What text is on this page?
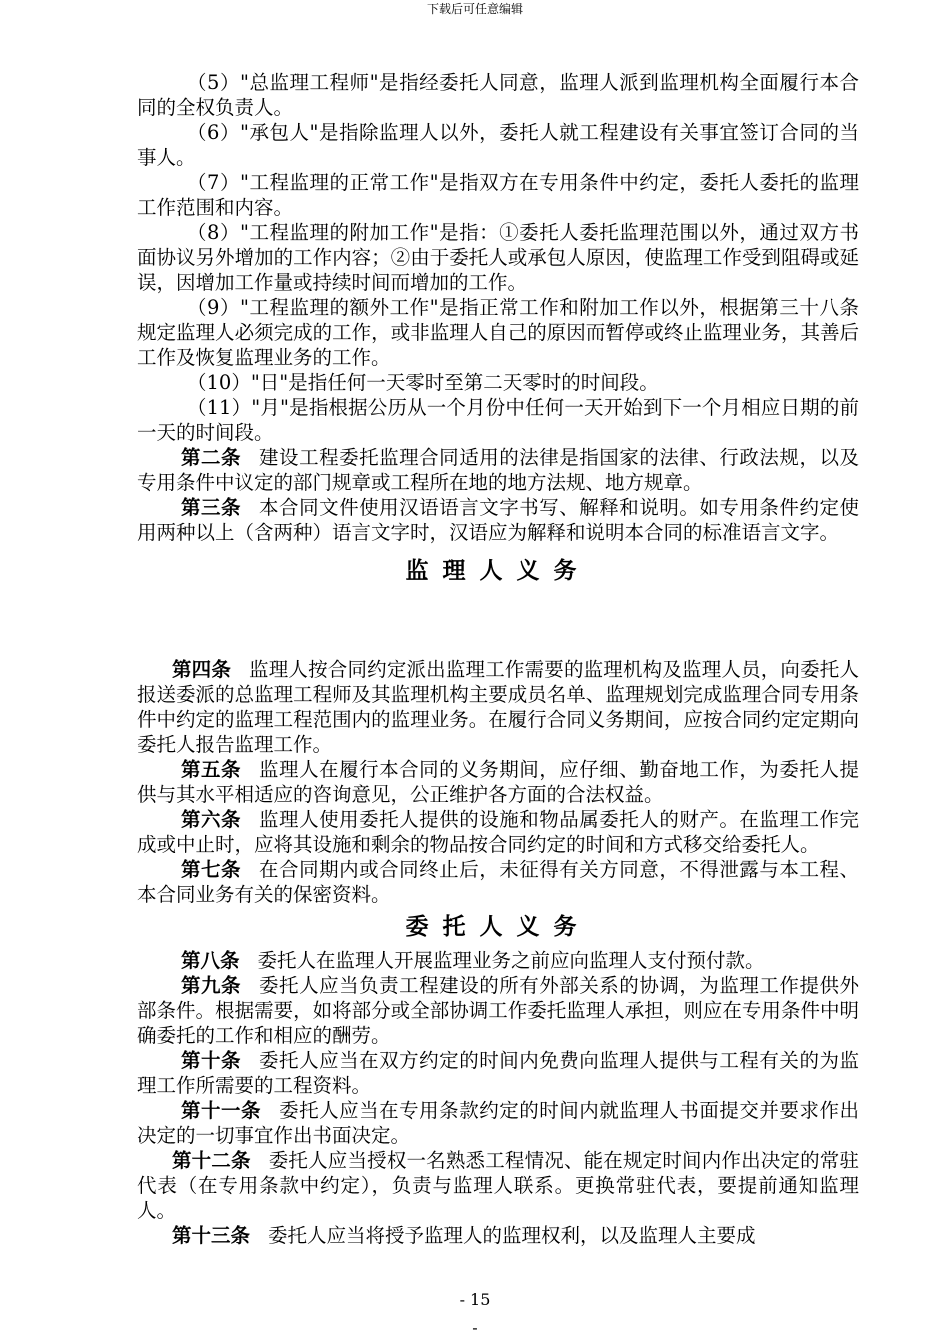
下载后可任意编辑

（5）"总监理工程师"是指经委托人同意，监理人派到监理机构全面履行本合同的全权负责人。

（6）"承包人"是指除监理人以外，委托人就工程建设有关事宜签订合同的当事人。

（7）"工程监理的正常工作"是指双方在专用条件中约定，委托人委托的监理工作范围和内容。

（8）"工程监理的附加工作"是指：①委托人委托监理范围以外，通过双方书面协议另外增加的工作内容；②由于委托人或承包人原因，使监理工作受到阻碍或延误，因增加工作量或持续时间而增加的工作。

（9）"工程监理的额外工作"是指正常工作和附加工作以外，根据第三十八条规定监理人必须完成的工作，或非监理人自己的原因而暂停或终止监理业务，其善后工作及恢复监理业务的工作。

（10）"日"是指任何一天零时至第二天零时的时间段。

（11）"月"是指根据公历从一个月份中任何一天开始到下一个月相应日期的前一天的时间段。

第二条 建设工程委托监理合同适用的法律是指国家的法律、行政法规，以及专用条件中议定的部门规章或工程所在地的地方法规、地方规章。

第三条 本合同文件使用汉语语言文字书写、解释和说明。如专用条件约定使用两种以上（含两种）语言文字时，汉语应为解释和说明本合同的标准语言文字。

监理人义务

第四条 监理人按合同约定派出监理工作需要的监理机构及监理人员，向委托人报送委派的总监理工程师及其监理机构主要成员名单、监理规划完成监理合同专用条件中约定的监理工程范围内的监理业务。在履行合同义务期间，应按合同约定定期向委托人报告监理工作。

第五条 监理人在履行本合同的义务期间，应仔细、勤奋地工作，为委托人提供与其水平相适应的咨询意见，公正维护各方面的合法权益。

第六条 监理人使用委托人提供的设施和物品属委托人的财产。在监理工作完成或中止时，应将其设施和剩余的物品按合同约定的时间和方式移交给委托人。

第七条 在合同期内或合同终止后，未征得有关方同意，不得泄露与本工程、本合同业务有关的保密资料。

委托人义务

第八条 委托人在监理人开展监理业务之前应向监理人支付预付款。

第九条 委托人应当负责工程建设的所有外部关系的协调，为监理工作提供外部条件。根据需要，如将部分或全部协调工作委托监理人承担，则应在专用条件中明确委托的工作和相应的酬劳。

第十条 委托人应当在双方约定的时间内免费向监理人提供与工程有关的为监理工作所需要的工程资料。

第十一条 委托人应当在专用条款约定的时间内就监理人书面提交并要求作出决定的一切事宜作出书面决定。

第十二条 委托人应当授权一名熟悉工程情况、能在规定时间内作出决定的常驻代表（在专用条款中约定），负责与监理人联系。更换常驻代表，要提前通知监理人。

第十三条 委托人应当将授予监理人的监理权利，以及监理人主要成

- 15
-
